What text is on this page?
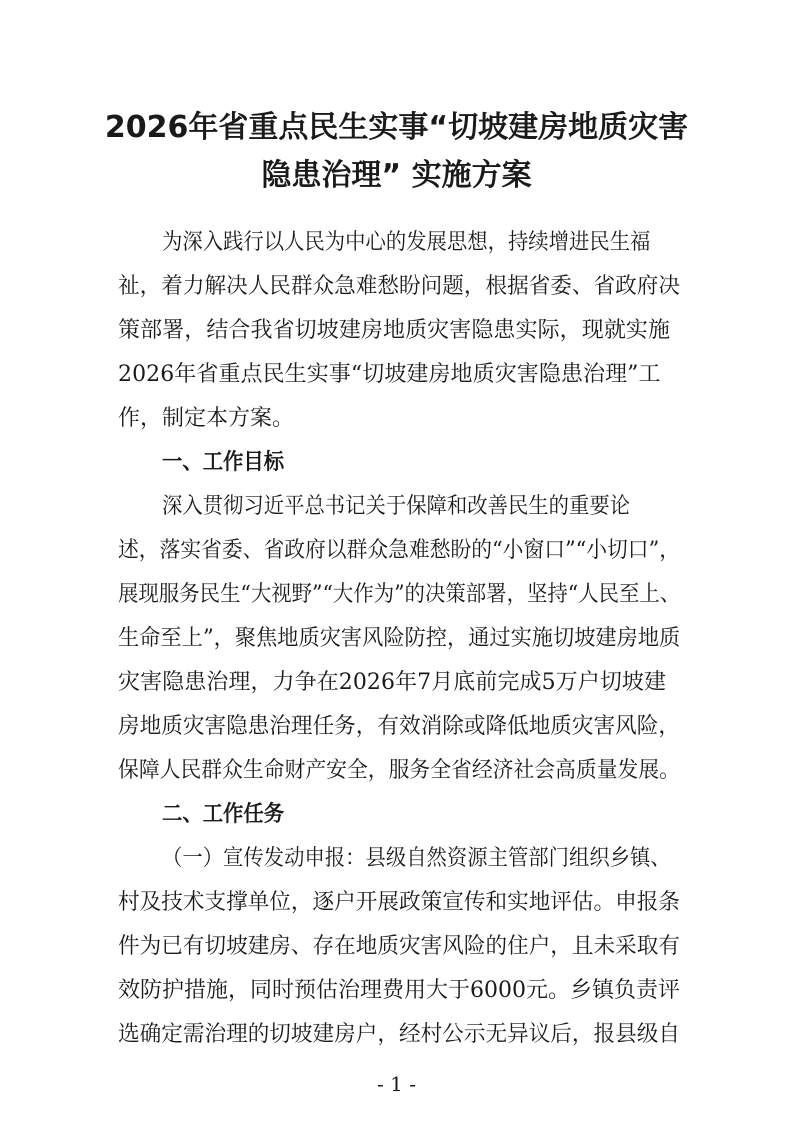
2026年省重点民生实事“切坡建房地质灾害
隐患治理” 实施方案
为深入践行以人民为中心的发展思想，持续增进民生福
祉，着力解决人民群众急难愁盼问题，根据省委、省政府决
策部署，结合我省切坡建房地质灾害隐患实际，现就实施
2026年省重点民生实事“切坡建房地质灾害隐患治理”工
作，制定本方案。
一、工作目标
深入贯彻习近平总书记关于保障和改善民生的重要论
述，落实省委、省政府以群众急难愁盼的“小窗口”“小切口”，
展现服务民生“大视野”“大作为”的决策部署，坚持“人民至上、
生命至上”，聚焦地质灾害风险防控，通过实施切坡建房地质
灾害隐患治理，力争在2026年7月底前完成5万户切坡建
房地质灾害隐患治理任务，有效消除或降低地质灾害风险，
保障人民群众生命财产安全，服务全省经济社会高质量发展。
二、工作任务
（一）宣传发动申报：县级自然资源主管部门组织乡镇、
村及技术支撑单位，逐户开展政策宣传和实地评估。申报条
件为已有切坡建房、存在地质灾害风险的住户，且未采取有
效防护措施，同时预估治理费用大于6000元。乡镇负责评
选确定需治理的切坡建房户，经村公示无异议后，报县级自
- 1 -
